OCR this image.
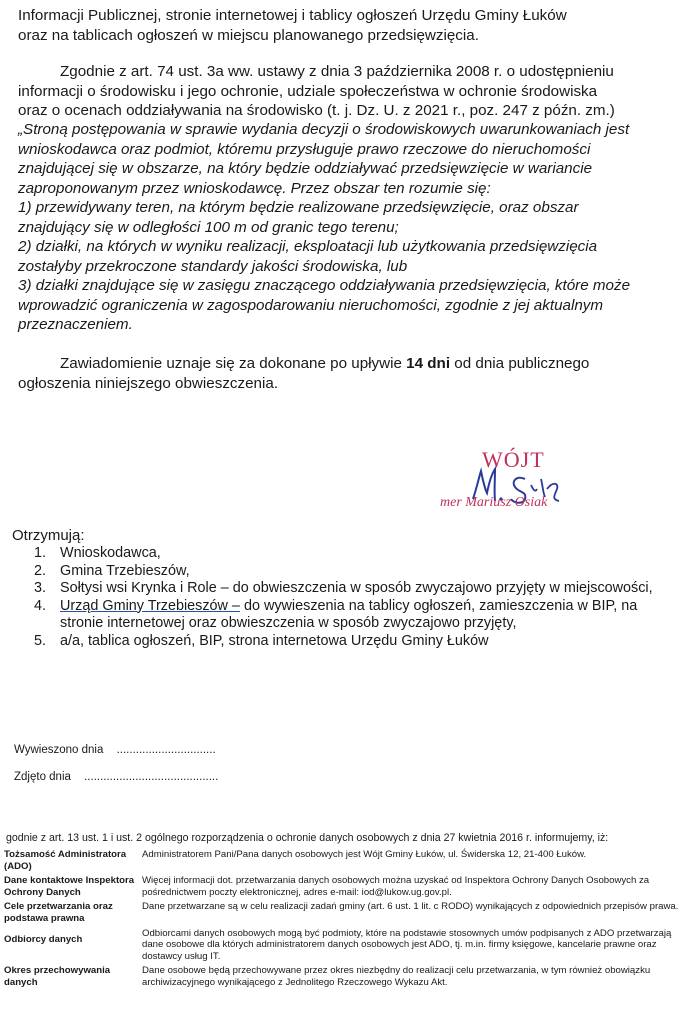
Informacji Publicznej, stronie internetowej i tablicy ogłoszeń Urzędu Gminy Łuków
oraz na tablicach ogłoszeń w miejscu planowanego przedsięwzięcia.
Zgodnie z art. 74 ust. 3a ww. ustawy z dnia 3 października 2008 r. o udostępnieniu
informacji o środowisku i jego ochronie, udziale społeczeństwa w ochronie środowiska
oraz o ocenach oddziaływania na środowisko (t. j. Dz. U. z 2021 r., poz. 247 z późn. zm.)
„Stroną postępowania w sprawie wydania decyzji o środowiskowych uwarunkowaniach jest
wnioskodawca oraz podmiot, któremu przysługuje prawo rzeczowe do nieruchomości
znajdującej się w obszarze, na który będzie oddziaływać przedsięwzięcie w wariancie
zaproponowanym przez wnioskodawcę. Przez obszar ten rozumie się:
1) przewidywany teren, na którym będzie realizowane przedsięwzięcie, oraz obszar
znajdujący się w odległości 100 m od granic tego terenu;
2) działki, na których w wyniku realizacji, eksploatacji lub użytkowania przedsięwzięcia
zostałyby przekroczone standardy jakości środowiska, lub
3) działki znajdujące się w zasięgu znaczącego oddziaływania przedsięwzięcia, które może
wprowadzić ograniczenia w zagospodarowaniu nieruchomości, zgodnie z jej aktualnym
przeznaczeniem.
Zawiadomienie uznaje się za dokonane po upływie 14 dni od dnia publicznego
ogłoszenia niniejszego obwieszczenia.
WÓJT
mer Mariusz Osiak
Otrzymują:
1. Wnioskodawca,
2. Gmina Trzebieszów,
3. Sołtysi wsi Krynka i Role – do obwieszczenia w sposób zwyczajowo przyjęty w miejscowości,
4. Urząd Gminy Trzebieszów – do wywieszenia na tablicy ogłoszeń, zamieszczenia w BIP, na stronie internetowej oraz obwieszczenia w sposób zwyczajowo przyjęty,
5. a/a, tablica ogłoszeń, BIP, strona internetowa Urzędu Gminy Łuków
Wywieszono dnia ...............................
Zdjęto dnia ..........................................
godnie z art. 13 ust. 1 i ust. 2 ogólnego rozporządzenia o ochronie danych osobowych z dnia 27 kwietnia 2016 r. informujemy, iż:
Tożsamość Administratora (ADO)	Administratorem Pani/Pana danych osobowych jest Wójt Gminy Łuków, ul. Świderska 12, 21-400 Łuków.
Dane kontaktowe Inspektora Ochrony Danych	Więcej informacji dot. przetwarzania danych osobowych można uzyskać od Inspektora Ochrony Danych Osobowych za pośrednictwem poczty elektronicznej, adres e-mail: iod@lukow.ug.gov.pl.
Cele przetwarzania oraz podstawa prawna	Dane przetwarzane są w celu realizacji zadań gminy (art. 6 ust. 1 lit. c RODO) wynikających z odpowiednich przepisów prawa.
Odbiorcy danych	Odbiorcami danych osobowych mogą być podmioty, które na podstawie stosownych umów podpisanych z ADO przetwarzają dane osobowe dla których administratorem danych osobowych jest ADO, tj. m.in. firmy księgowe, kancelarie prawne oraz dostawcy usług IT.
Okres przechowywania danych	Dane osobowe będą przechowywane przez okres niezbędny do realizacji celu przetwarzania, w tym również obowiązku archiwizacyjnego wynikającego z Jednolitego Rzeczowego Wykazu Akt.
